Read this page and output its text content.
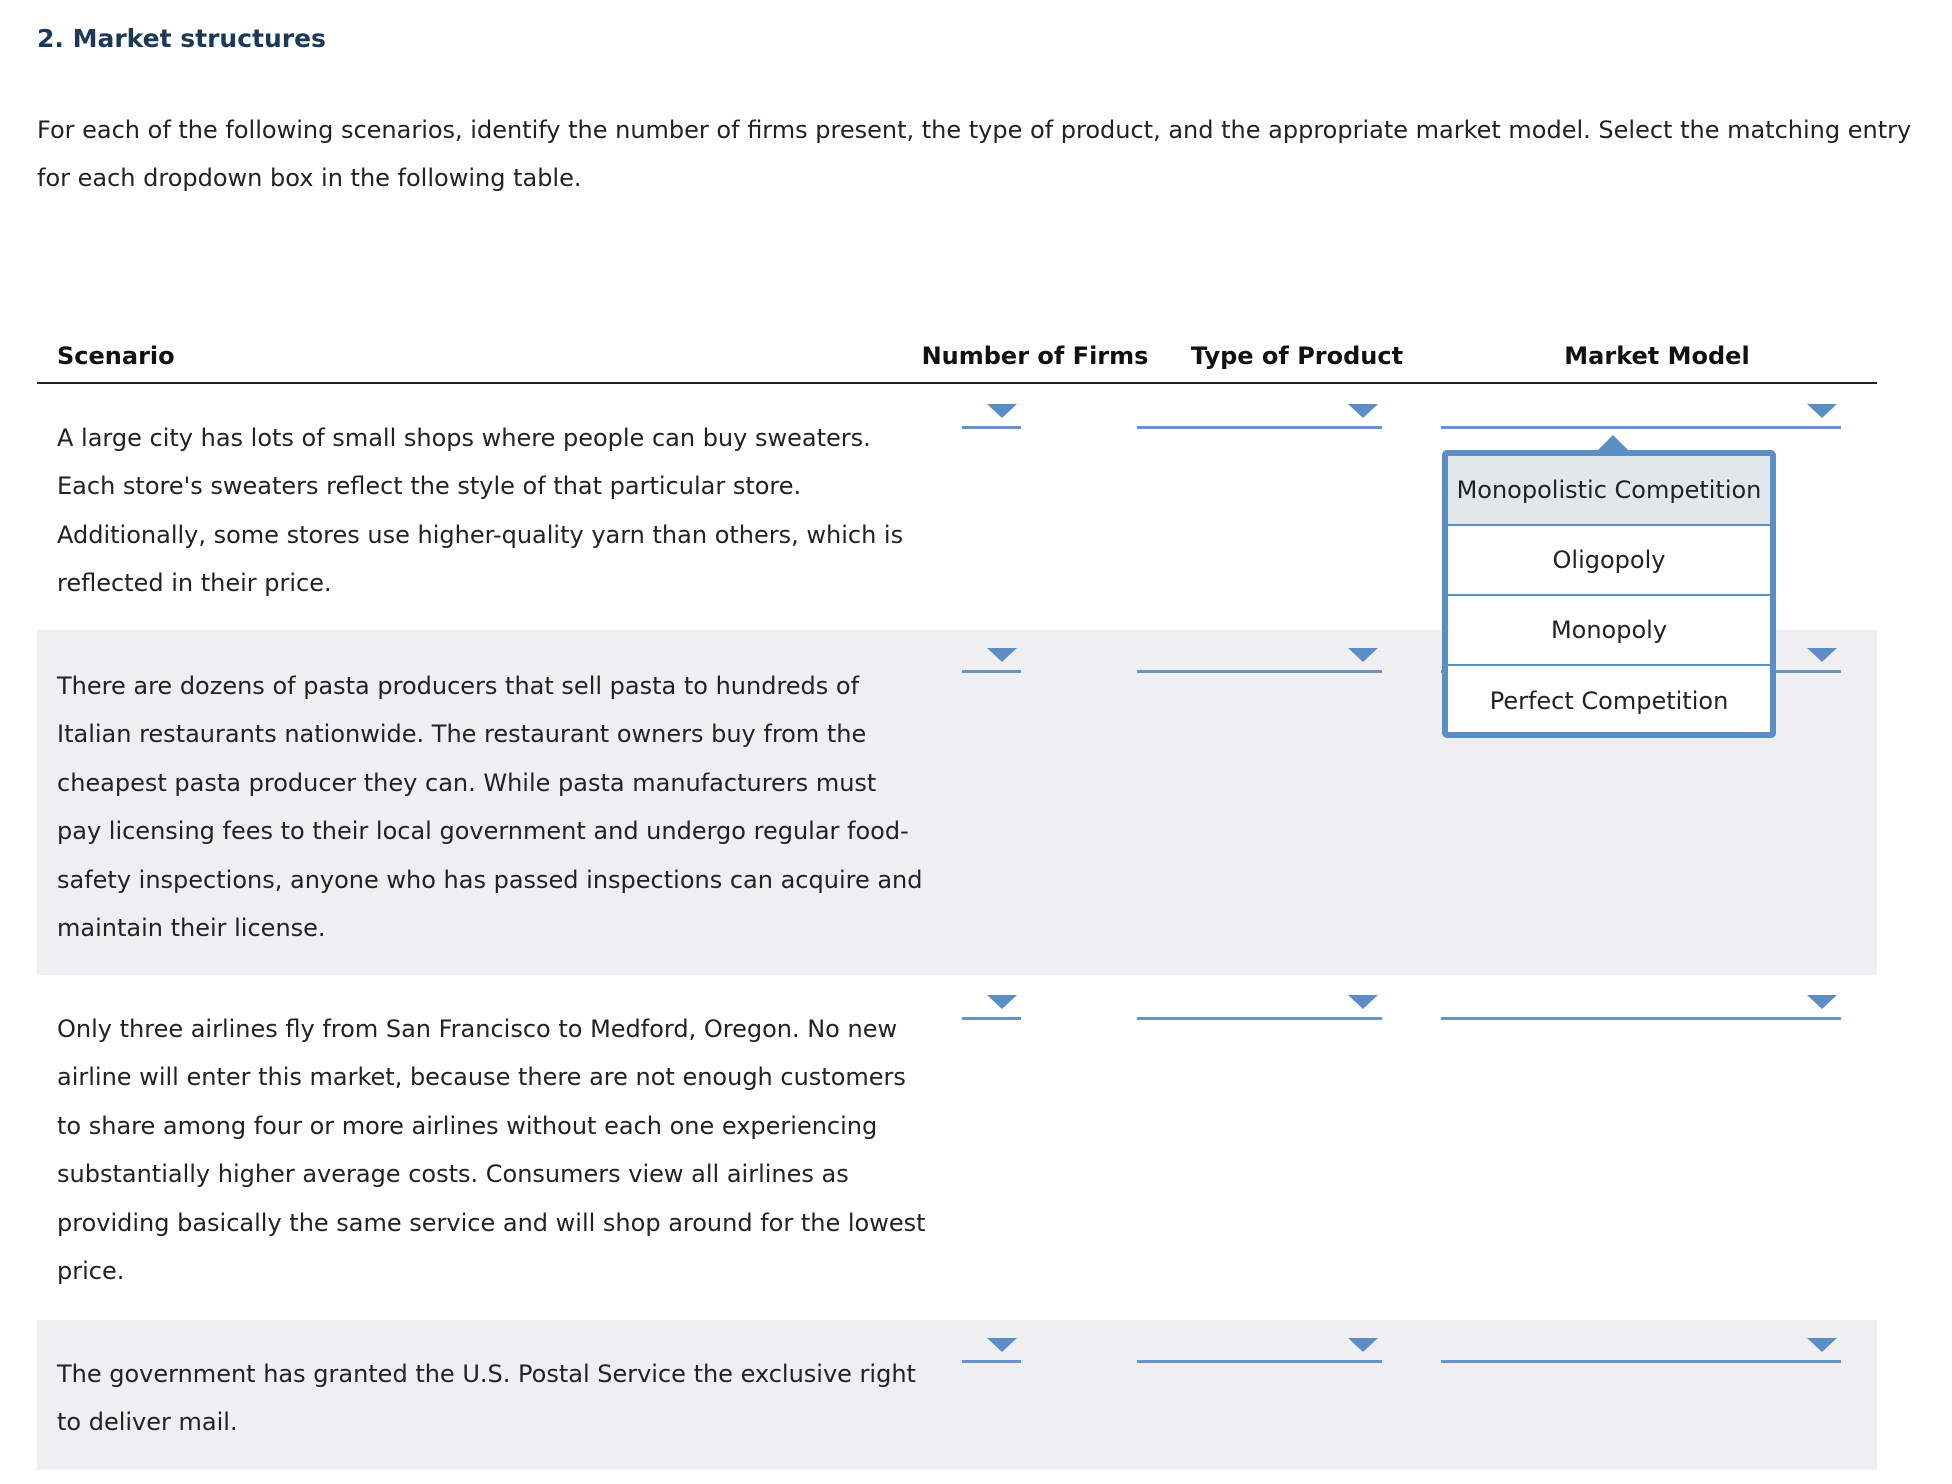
2. Market structures

For each of the following scenarios, identify the number of firms present, the type of product, and the appropriate market model. Select the matching entry for each dropdown box in the following table.

Scenario	Number of Firms	Type of Product	Market Model

A large city has lots of small shops where people can buy sweaters. Each store's sweaters reflect the style of that particular store. Additionally, some stores use higher-quality yarn than others, which is reflected in their price.

There are dozens of pasta producers that sell pasta to hundreds of Italian restaurants nationwide. The restaurant owners buy from the cheapest pasta producer they can. While pasta manufacturers must pay licensing fees to their local government and undergo regular food-safety inspections, anyone who has passed inspections can acquire and maintain their license.

Only three airlines fly from San Francisco to Medford, Oregon. No new airline will enter this market, because there are not enough customers to share among four or more airlines without each one experiencing substantially higher average costs. Consumers view all airlines as providing basically the same service and will shop around for the lowest price.

The government has granted the U.S. Postal Service the exclusive right to deliver mail.

Monopolistic Competition
Oligopoly
Monopoly
Perfect Competition
